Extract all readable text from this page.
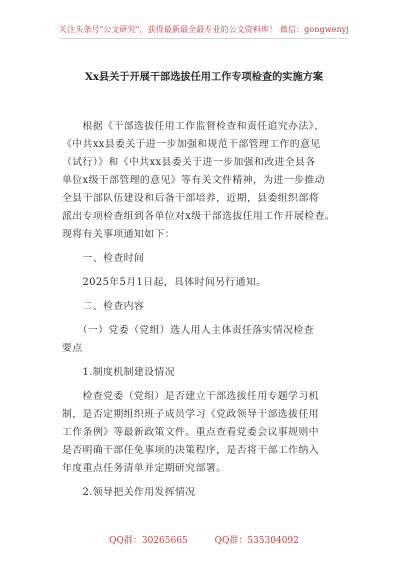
关注头条号"公文研究"，获得最新最全最专业的公文资料库！ 微信：gongwenyj
Xx县关于开展干部选拔任用工作专项检查的实施方案
　　根据《干部选拔任用工作监督检查和责任追究办法》、
《中共xx县委关于进一步加强和规范干部管理工作的意见
（试行）》和《中共xx县委关于进一步加强和改进全县各
单位x级干部管理的意见》等有关文件精神，为进一步推动
全县干部队伍建设和后备干部培养，近期，县委组织部将
派出专项检查组到各单位对x级干部选拔任用工作开展检查。
现将有关事项通知如下：
　　一、检查时间
　　2025年5月1日起，具体时间另行通知。
　　二、检查内容
　　（一）党委（党组）选人用人主体责任落实情况检查
要点
　　1.制度机制建设情况
　　检查党委（党组）是否建立干部选拔任用专题学习机
制，是否定期组织班子成员学习《党政领导干部选拔任用
工作条例》等最新政策文件。重点查看党委会议事规则中
是否明确干部任免事项的决策程序，是否将干部工作纳入
年度重点任务清单并定期研究部署。
　　2.领导把关作用发挥情况
QQ群：30265665	QQ群：535304092
